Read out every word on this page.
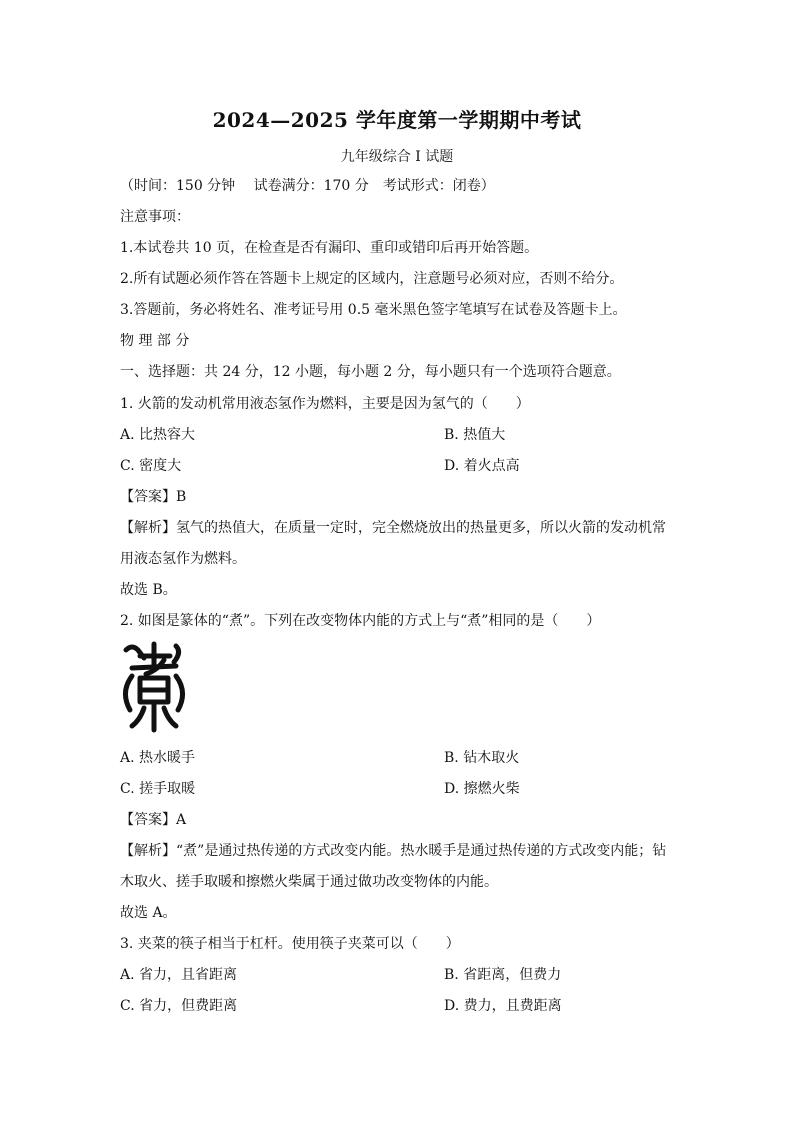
2024—2025 学年度第一学期期中考试
九年级综合 I 试题
（时间：150 分钟　 试卷满分：170 分　考试形式：闭卷）
注意事项：
1.本试卷共 10 页，在检查是否有漏印、重印或错印后再开始答题。
2.所有试题必须作答在答题卡上规定的区域内，注意题号必须对应，否则不给分。
3.答题前，务必将姓名、准考证号用 0.5 毫米黑色签字笔填写在试卷及答题卡上。
物 理 部 分
一、选择题：共 24 分，12 小题，每小题 2 分，每小题只有一个选项符合题意。
1. 火箭的发动机常用液态氢作为燃料，主要是因为氢气的（　　）
A. 比热容大	B. 热值大
C. 密度大	D. 着火点高
【答案】B
【解析】氢气的热值大，在质量一定时，完全燃烧放出的热量更多，所以火箭的发动机常
用液态氢作为燃料。
故选 B。
2. 如图是篆体的“煮”。下列在改变物体内能的方式上与“煮”相同的是（　　）
A. 热水暖手	B. 钻木取火
C. 搓手取暖	D. 擦燃火柴
【答案】A
【解析】“煮”是通过热传递的方式改变内能。热水暖手是通过热传递的方式改变内能；钻
木取火、搓手取暖和擦燃火柴属于通过做功改变物体的内能。
故选 A。
3. 夹菜的筷子相当于杠杆。使用筷子夹菜可以（　　）
A. 省力，且省距离	B. 省距离，但费力
C. 省力，但费距离	D. 费力，且费距离
